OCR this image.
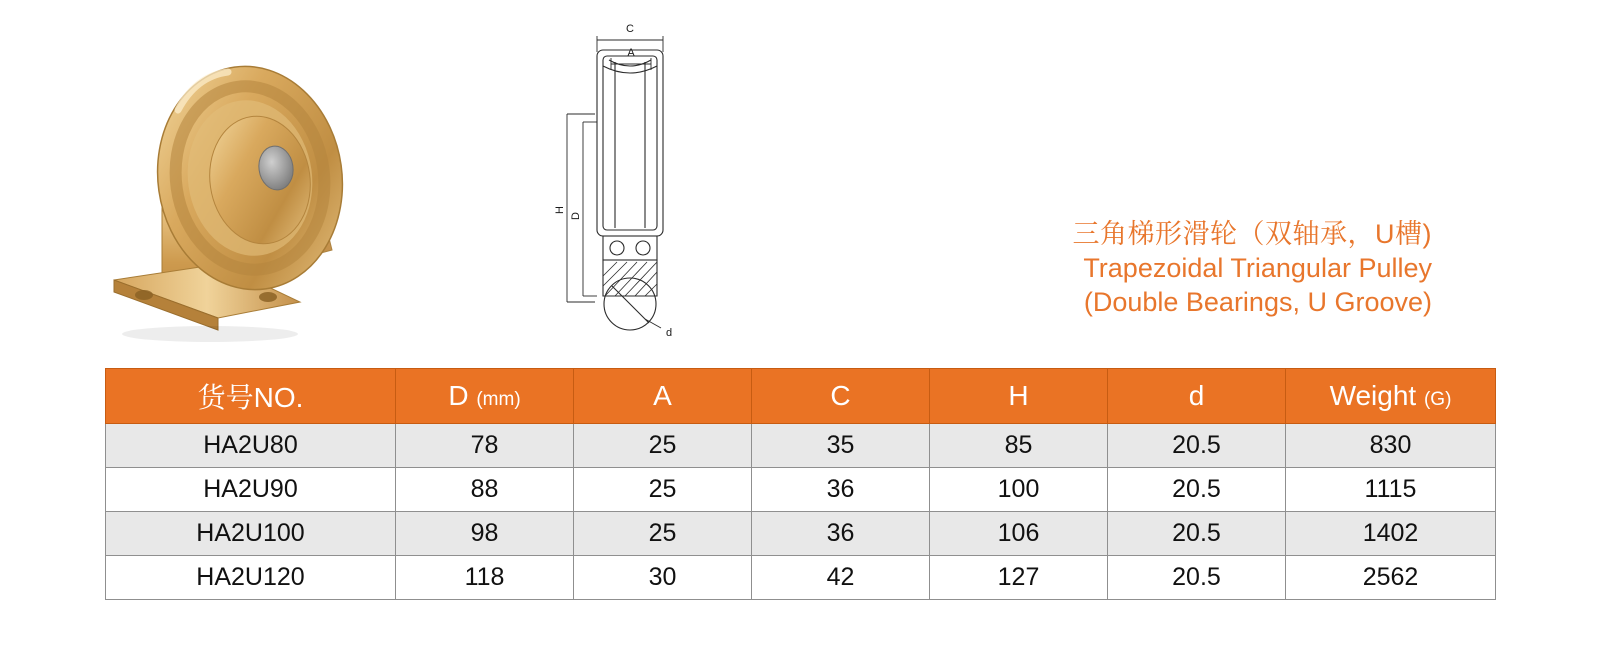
C
A
H
D
d
三角梯形滑轮（双轴承，U槽)
Trapezoidal Triangular Pulley
(Double Bearings, U Groove)
货号NO.	D (mm)	A	C	H	d	Weight (G)
HA2U80	78	25	35	85	20.5	830
HA2U90	88	25	36	100	20.5	1115
HA2U100	98	25	36	106	20.5	1402
HA2U120	118	30	42	127	20.5	2562
